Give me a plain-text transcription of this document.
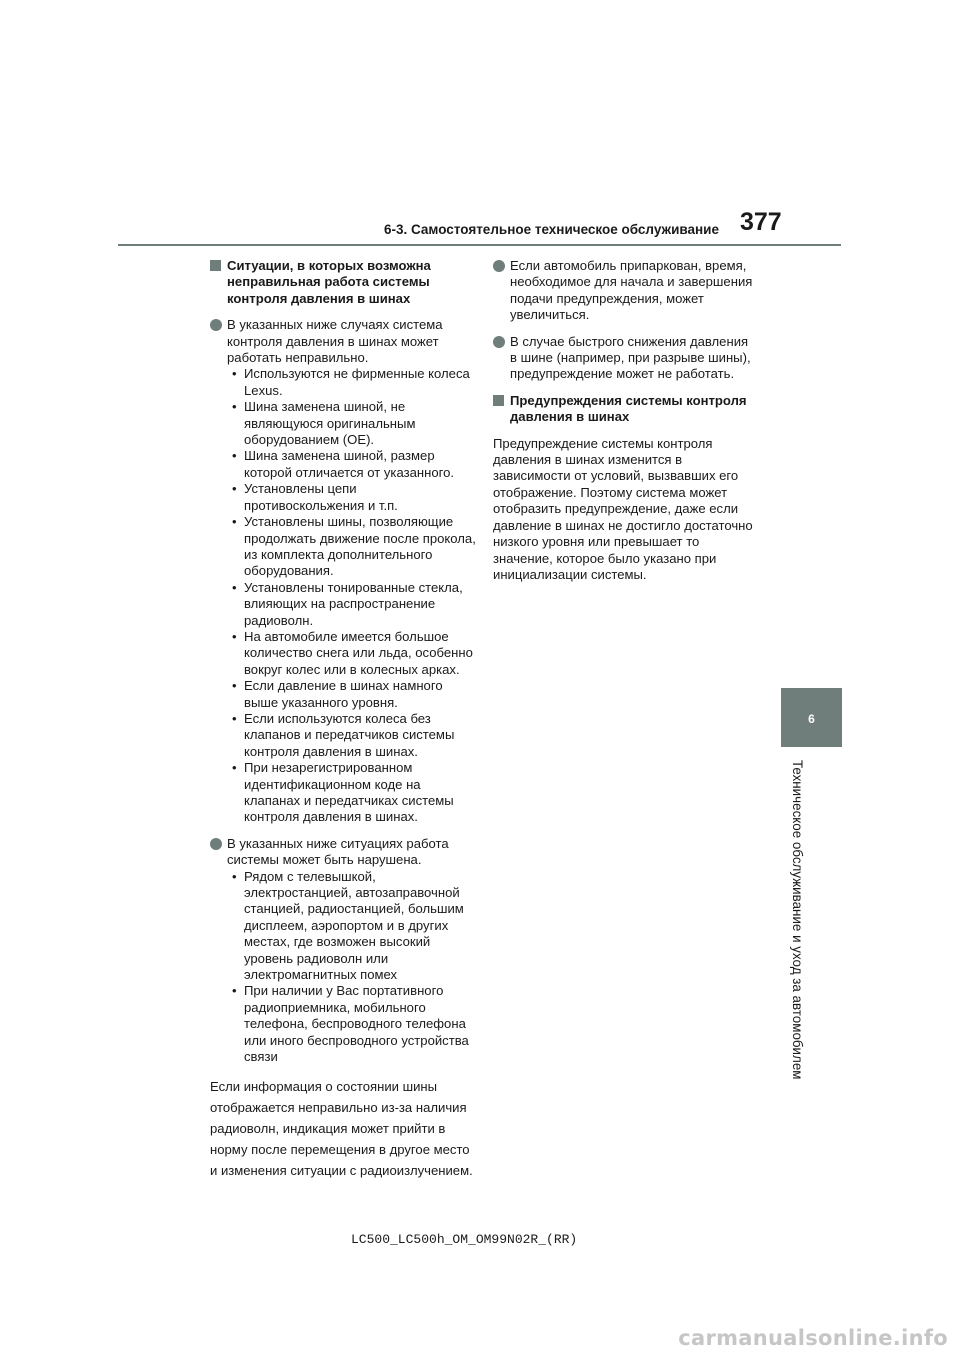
6-3. Самостоятельное техническое обслуживание 377
6
Техническое обслуживание и уход за автомобилем
Ситуации, в которых возможна неправильная работа системы контроля давления в шинах
В указанных ниже случаях система контроля давления в шинах может работать неправильно.
• Используются не фирменные колеса Lexus.
• Шина заменена шиной, не являющуюся оригинальным оборудованием (OE).
• Шина заменена шиной, размер которой отличается от указанного.
• Установлены цепи противоскольжения и т.п.
• Установлены шины, позволяющие продолжать движение после прокола, из комплекта дополнительного оборудования.
• Установлены тонированные стекла, влияющих на распространение радиоволн.
• На автомобиле имеется большое количество снега или льда, особенно вокруг колес или в колесных арках.
• Если давление в шинах намного выше указанного уровня.
• Если используются колеса без клапанов и передатчиков системы контроля давления в шинах.
• При незарегистрированном идентификационном коде на клапанах и передатчиках системы контроля давления в шинах.
В указанных ниже ситуациях работа системы может быть нарушена.
• Рядом с телевышкой, электростанцией, автозаправочной станцией, радиостанцией, большим дисплеем, аэропортом и в других местах, где возможен высокий уровень радиоволн или электромагнитных помех
• При наличии у Вас портативного радиоприемника, мобильного телефона, беспроводного телефона или иного беспроводного устройства связи

Если информация о состоянии шины отображается неправильно из-за наличия радиоволн, индикация может прийти в норму после перемещения в другое место и изменения ситуации с радиоизлучением.

Если автомобиль припаркован, время, необходимое для начала и завершения подачи предупреждения, может увеличиться.
В случае быстрого снижения давления в шине (например, при разрыве шины), предупреждение может не работать.
Предупреждения системы контроля давления в шинах

Предупреждение системы контроля давления в шинах изменится в зависимости от условий, вызвавших его отображение. Поэтому система может отобразить предупреждение, даже если давление в шинах не достигло достаточно низкого уровня или превышает то значение, которое было указано при инициализации системы.

LC500_LC500h_OM_OM99N02R_(RR)
carmanualsonline.info
